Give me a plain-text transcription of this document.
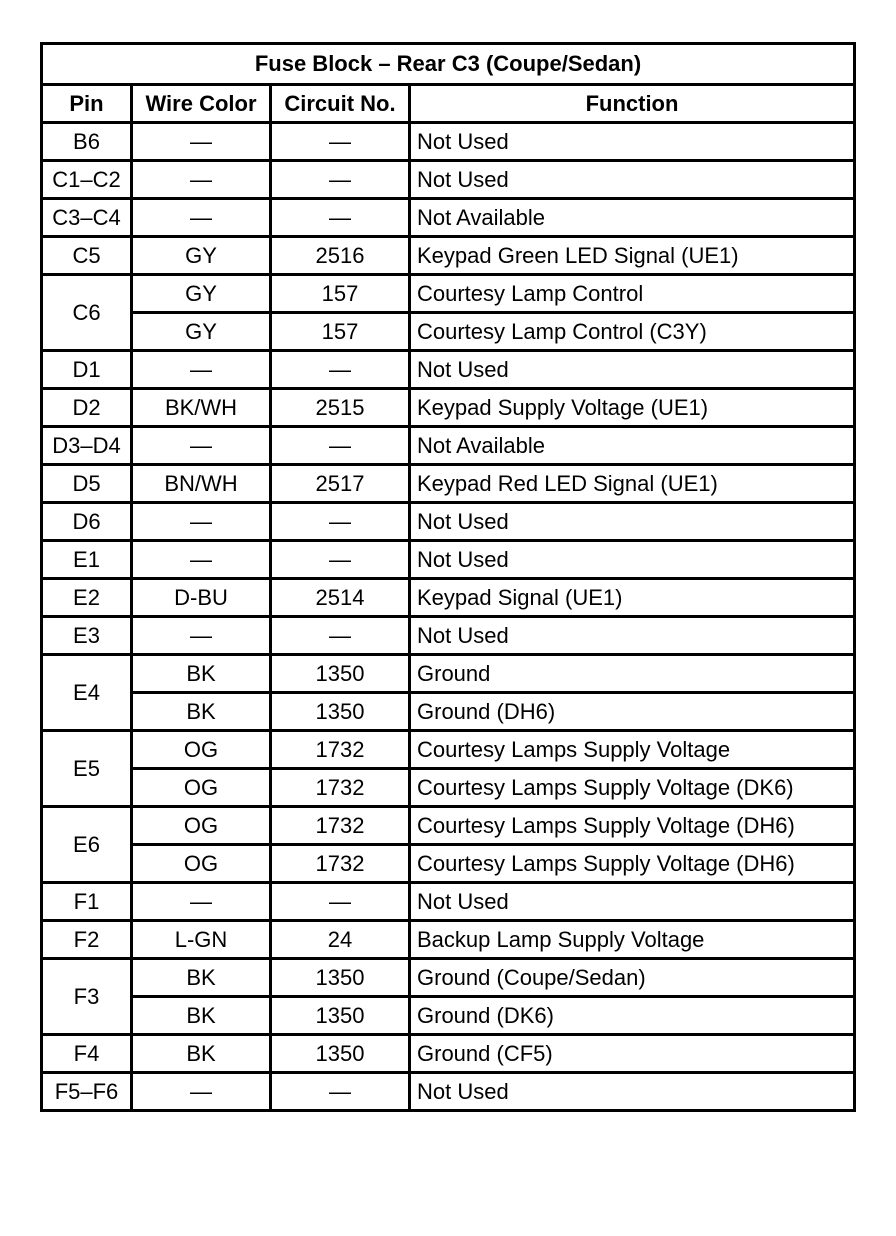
Fuse Block – Rear C3 (Coupe/Sedan)			
Pin	Wire Color	Circuit No.	Function
B6	—	—	Not Used
C1–C2	—	—	Not Used
C3–C4	—	—	Not Available
C5	GY	2516	Keypad Green LED Signal (UE1)
C6	GY	157	Courtesy Lamp Control
	GY	157	Courtesy Lamp Control (C3Y)
D1	—	—	Not Used
D2	BK/WH	2515	Keypad Supply Voltage (UE1)
D3–D4	—	—	Not Available
D5	BN/WH	2517	Keypad Red LED Signal (UE1)
D6	—	—	Not Used
E1	—	—	Not Used
E2	D-BU	2514	Keypad Signal (UE1)
E3	—	—	Not Used
E4	BK	1350	Ground
	BK	1350	Ground (DH6)
E5	OG	1732	Courtesy Lamps Supply Voltage
	OG	1732	Courtesy Lamps Supply Voltage (DK6)
E6	OG	1732	Courtesy Lamps Supply Voltage (DH6)
	OG	1732	Courtesy Lamps Supply Voltage (DH6)
F1	—	—	Not Used
F2	L-GN	24	Backup Lamp Supply Voltage
F3	BK	1350	Ground (Coupe/Sedan)
	BK	1350	Ground (DK6)
F4	BK	1350	Ground (CF5)
F5–F6	—	—	Not Used
